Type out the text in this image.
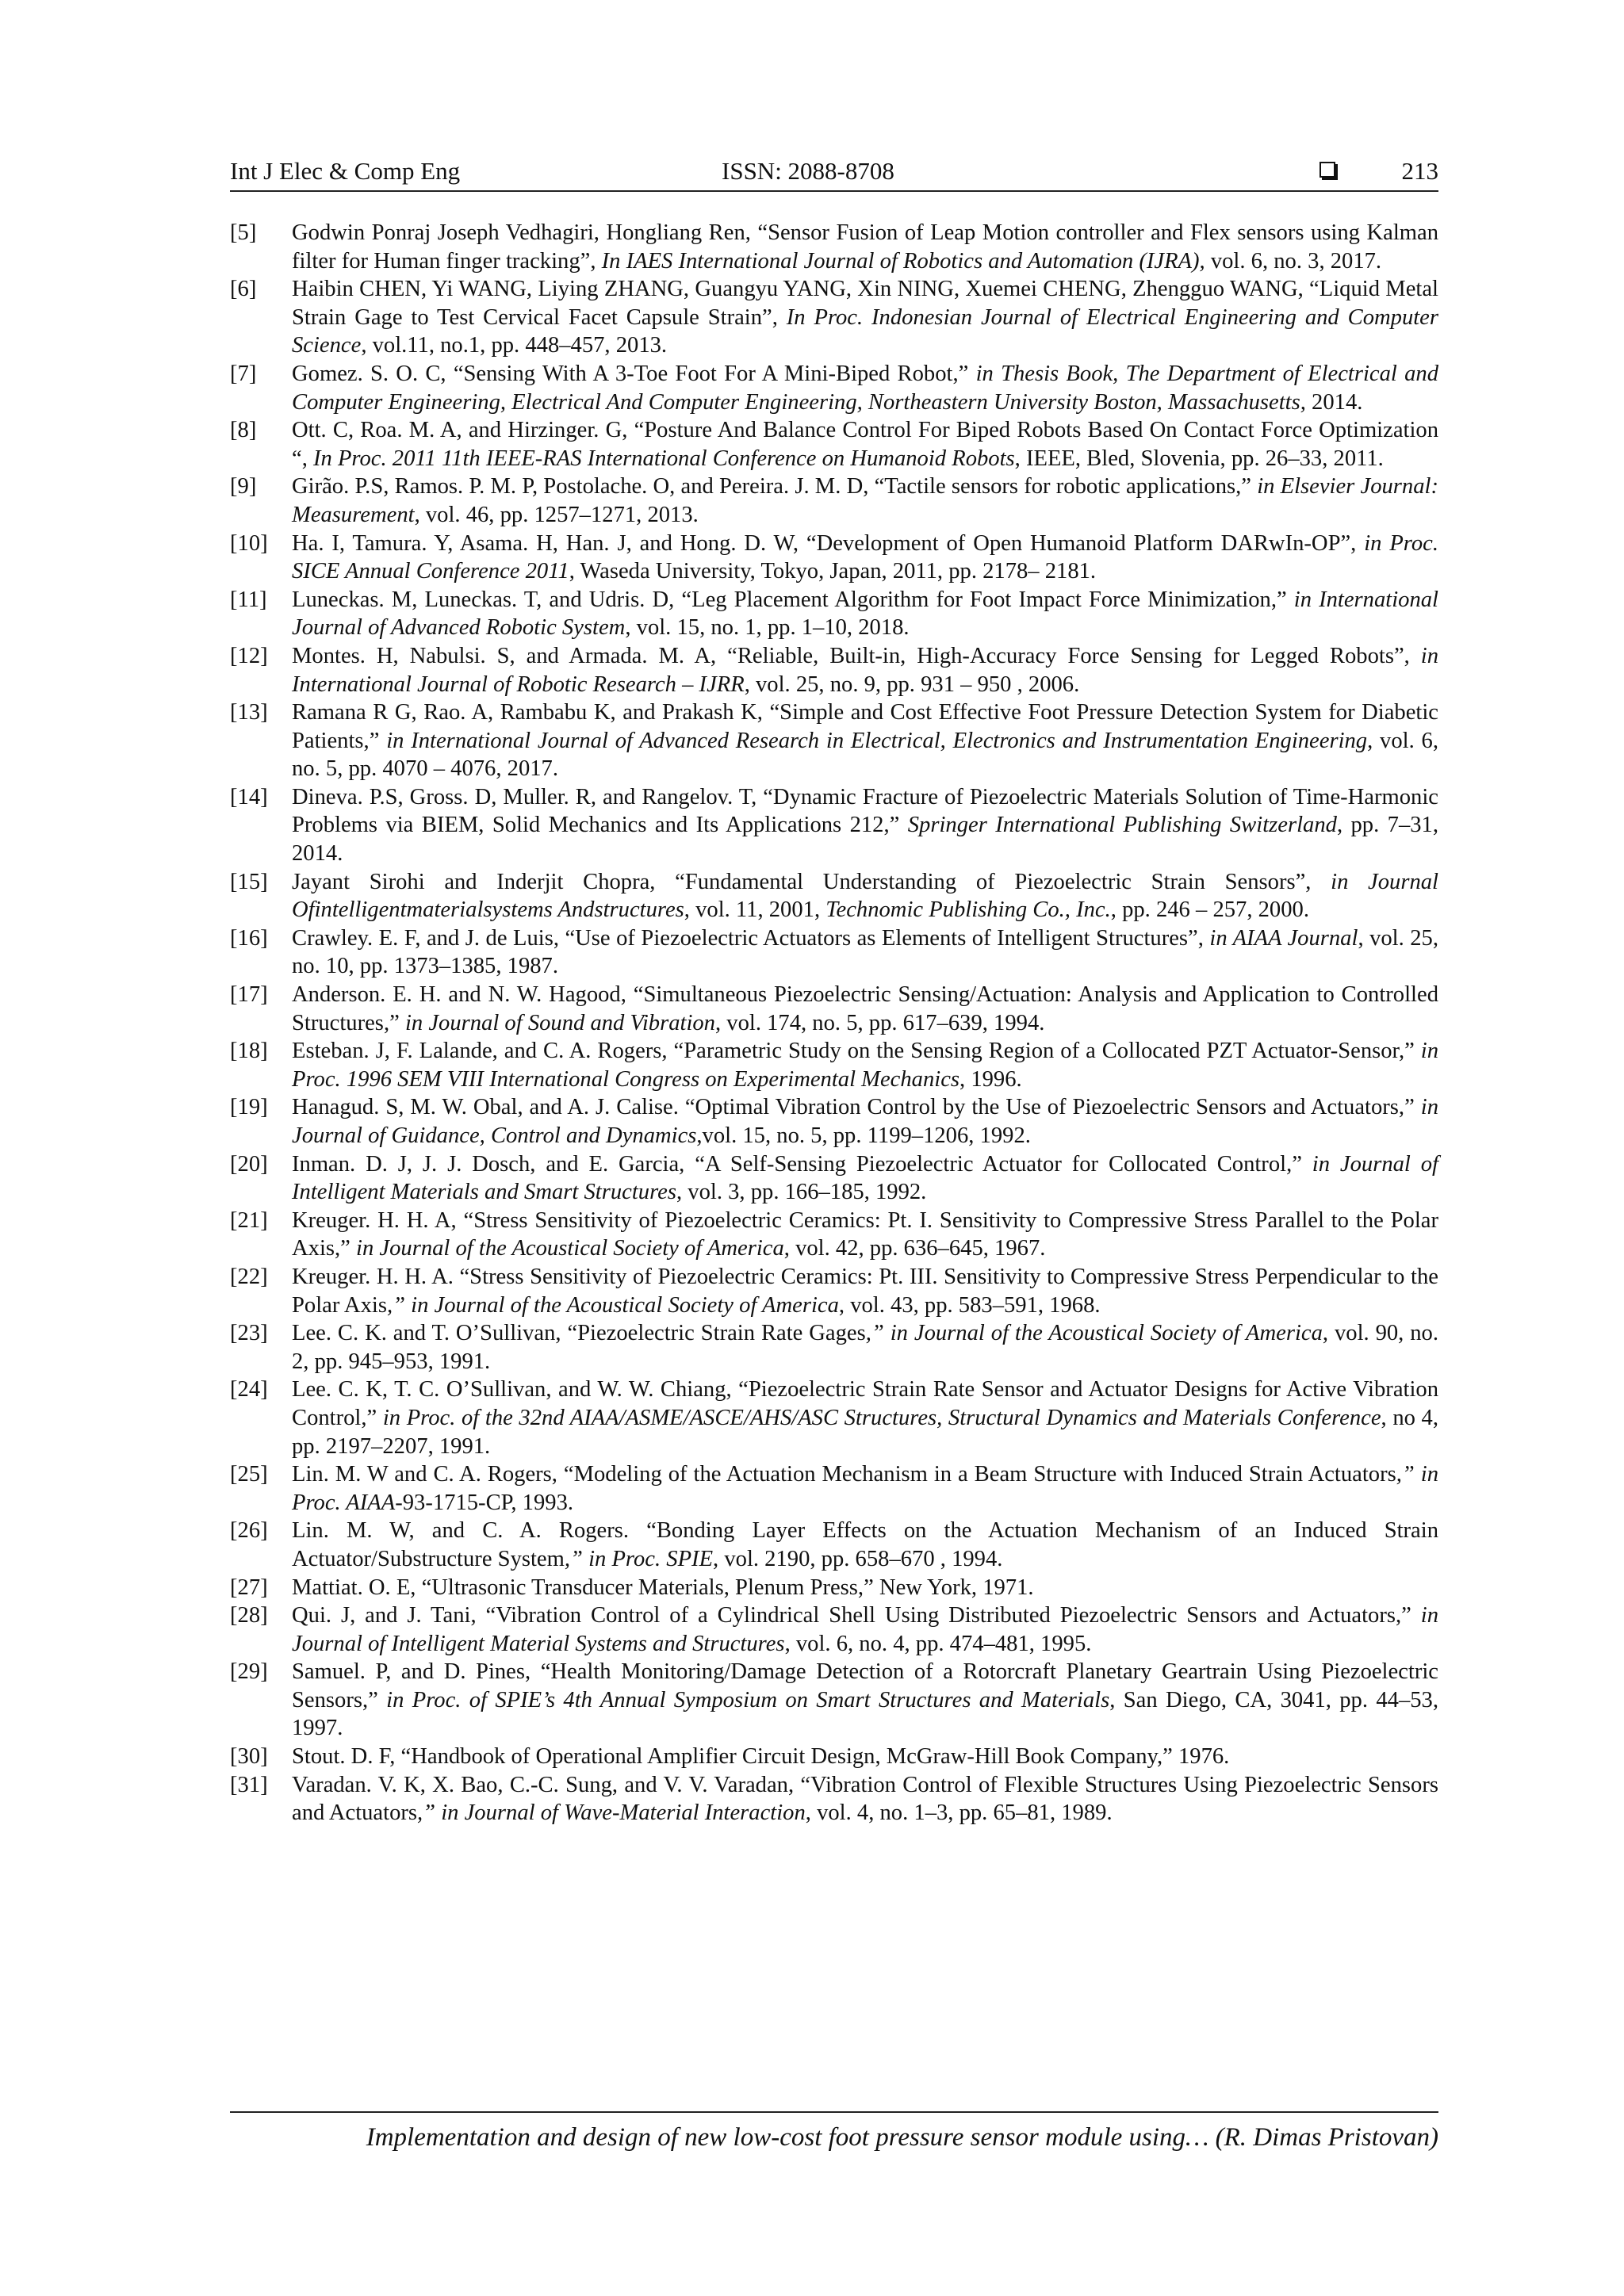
Int J Elec & Comp Eng	ISSN: 2088-8708	213
[5] Godwin Ponraj Joseph Vedhagiri, Hongliang Ren, “Sensor Fusion of Leap Motion controller and Flex sensors using Kalman filter for Human finger tracking”, In IAES International Journal of Robotics and Automation (IJRA), vol. 6, no. 3, 2017.
[6] Haibin CHEN, Yi WANG, Liying ZHANG, Guangyu YANG, Xin NING, Xuemei CHENG, Zhengguo WANG, “Liquid Metal Strain Gage to Test Cervical Facet Capsule Strain”, In Proc. Indonesian Journal of Electrical Engineering and Computer Science, vol.11, no.1, pp. 448–457, 2013.
[7] Gomez. S. O. C, “Sensing With A 3-Toe Foot For A Mini-Biped Robot,” in Thesis Book, The Department of Electrical and Computer Engineering, Electrical And Computer Engineering, Northeastern University Boston, Massachusetts, 2014.
[8] Ott. C, Roa. M. A, and Hirzinger. G, “Posture And Balance Control For Biped Robots Based On Contact Force Optimization “, In Proc. 2011 11th IEEE-RAS International Conference on Humanoid Robots, IEEE, Bled, Slovenia, pp. 26–33, 2011.
[9] Girão. P.S, Ramos. P. M. P, Postolache. O, and Pereira. J. M. D, “Tactile sensors for robotic applications,” in Elsevier Journal: Measurement, vol. 46, pp. 1257–1271, 2013.
[10] Ha. I, Tamura. Y, Asama. H, Han. J, and Hong. D. W, “Development of Open Humanoid Platform DARwIn-OP”, in Proc. SICE Annual Conference 2011, Waseda University, Tokyo, Japan, 2011, pp. 2178– 2181.
[11] Luneckas. M, Luneckas. T, and Udris. D, “Leg Placement Algorithm for Foot Impact Force Minimization,” in International Journal of Advanced Robotic System, vol. 15, no. 1, pp. 1–10, 2018.
[12] Montes. H, Nabulsi. S, and Armada. M. A, “Reliable, Built-in, High-Accuracy Force Sensing for Legged Robots”, in International Journal of Robotic Research – IJRR, vol. 25, no. 9, pp. 931 – 950 , 2006.
[13] Ramana R G, Rao. A, Rambabu K, and Prakash K, “Simple and Cost Effective Foot Pressure Detection System for Diabetic Patients,” in International Journal of Advanced Research in Electrical, Electronics and Instrumentation Engineering, vol. 6, no. 5, pp. 4070 – 4076, 2017.
[14] Dineva. P.S, Gross. D, Muller. R, and Rangelov. T, “Dynamic Fracture of Piezoelectric Materials Solution of Time-Harmonic Problems via BIEM, Solid Mechanics and Its Applications 212,” Springer International Publishing Switzerland, pp. 7–31, 2014.
[15] Jayant Sirohi and Inderjit Chopra, “Fundamental Understanding of Piezoelectric Strain Sensors”, in Journal Ofintelligentmaterialsystems Andstructures, vol. 11, 2001, Technomic Publishing Co., Inc., pp. 246 – 257, 2000.
[16] Crawley. E. F, and J. de Luis, “Use of Piezoelectric Actuators as Elements of Intelligent Structures”, in AIAA Journal, vol. 25, no. 10, pp. 1373–1385, 1987.
[17] Anderson. E. H. and N. W. Hagood, “Simultaneous Piezoelectric Sensing/Actuation: Analysis and Application to Controlled Structures,” in Journal of Sound and Vibration, vol. 174, no. 5, pp. 617–639, 1994.
[18] Esteban. J, F. Lalande, and C. A. Rogers, “Parametric Study on the Sensing Region of a Collocated PZT Actuator-Sensor,” in Proc. 1996 SEM VIII International Congress on Experimental Mechanics, 1996.
[19] Hanagud. S, M. W. Obal, and A. J. Calise. “Optimal Vibration Control by the Use of Piezoelectric Sensors and Actuators,” in Journal of Guidance, Control and Dynamics,vol. 15, no. 5, pp. 1199–1206, 1992.
[20] Inman. D. J, J. J. Dosch, and E. Garcia, “A Self-Sensing Piezoelectric Actuator for Collocated Control,” in Journal of Intelligent Materials and Smart Structures, vol. 3, pp. 166–185, 1992.
[21] Kreuger. H. H. A, “Stress Sensitivity of Piezoelectric Ceramics: Pt. I. Sensitivity to Compressive Stress Parallel to the Polar Axis,” in Journal of the Acoustical Society of America, vol. 42, pp. 636–645, 1967.
[22] Kreuger. H. H. A. “Stress Sensitivity of Piezoelectric Ceramics: Pt. III. Sensitivity to Compressive Stress Perpendicular to the Polar Axis,” in Journal of the Acoustical Society of America, vol. 43, pp. 583–591, 1968.
[23] Lee. C. K. and T. O’Sullivan, “Piezoelectric Strain Rate Gages,” in Journal of the Acoustical Society of America, vol. 90, no. 2, pp. 945–953, 1991.
[24] Lee. C. K, T. C. O’Sullivan, and W. W. Chiang, “Piezoelectric Strain Rate Sensor and Actuator Designs for Active Vibration Control,” in Proc. of the 32nd AIAA/ASME/ASCE/AHS/ASC Structures, Structural Dynamics and Materials Conference, no 4, pp. 2197–2207, 1991.
[25] Lin. M. W and C. A. Rogers, “Modeling of the Actuation Mechanism in a Beam Structure with Induced Strain Actuators,” in Proc. AIAA-93-1715-CP, 1993.
[26] Lin. M. W, and C. A. Rogers. “Bonding Layer Effects on the Actuation Mechanism of an Induced Strain Actuator/Substructure System,” in Proc. SPIE, vol. 2190, pp. 658–670 , 1994.
[27] Mattiat. O. E, “Ultrasonic Transducer Materials, Plenum Press,” New York, 1971.
[28] Qui. J, and J. Tani, “Vibration Control of a Cylindrical Shell Using Distributed Piezoelectric Sensors and Actuators,” in Journal of Intelligent Material Systems and Structures, vol. 6, no. 4, pp. 474–481, 1995.
[29] Samuel. P, and D. Pines, “Health Monitoring/Damage Detection of a Rotorcraft Planetary Geartrain Using Piezoelectric Sensors,” in Proc. of SPIE’s 4th Annual Symposium on Smart Structures and Materials, San Diego, CA, 3041, pp. 44–53, 1997.
[30] Stout. D. F, “Handbook of Operational Amplifier Circuit Design, McGraw-Hill Book Company,” 1976.
[31] Varadan. V. K, X. Bao, C.-C. Sung, and V. V. Varadan, “Vibration Control of Flexible Structures Using Piezoelectric Sensors and Actuators,” in Journal of Wave-Material Interaction, vol. 4, no. 1–3, pp. 65–81, 1989.
Implementation and design of new low-cost foot pressure sensor module using… (R. Dimas Pristovan)
